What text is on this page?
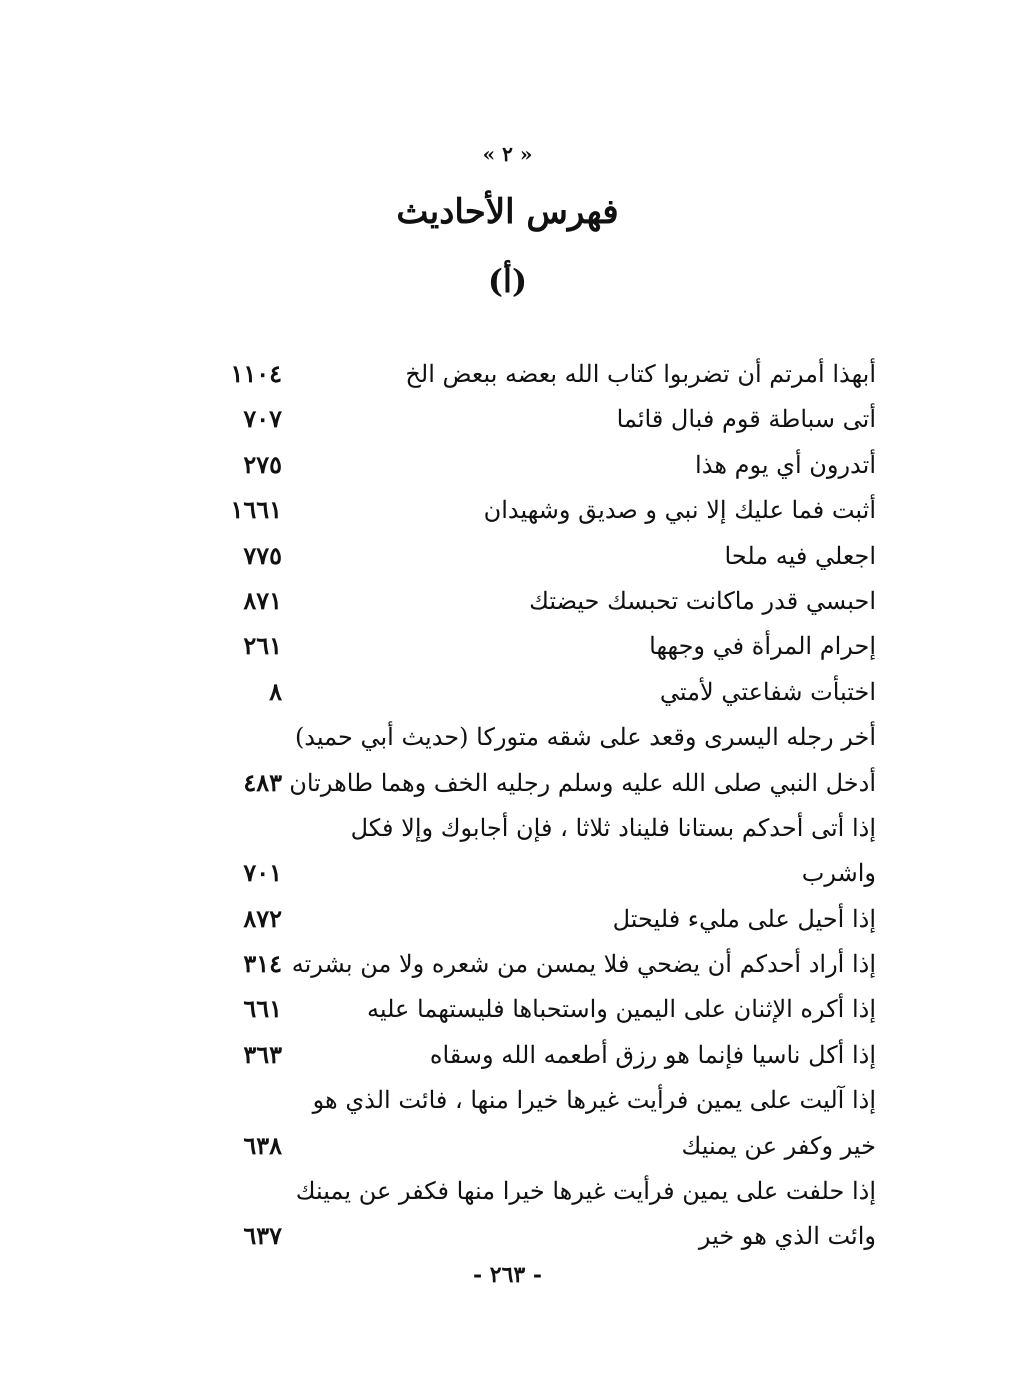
« ٢ »
فهرس الأحاديث
(أ)
أبهذا أمرتم أن تضربوا كتاب الله بعضه ببعض الخ
١١٠٤
أتى سباطة قوم فبال قائما
٧٠٧
أتدرون أي يوم هذا
٢٧٥
أثبت فما عليك إلا نبي و صديق وشهيدان
١٦٦١
اجعلي فيه ملحا
٧٧٥
احبسي قدر ماكانت تحبسك حيضتك
٨٧١
إحرام المرأة في وجهها
٢٦١
اختبأت شفاعتي لأمتي
٨
أخر رجله اليسرى وقعد على شقه متوركا (حديث أبي حميد)
أدخل النبي صلى الله عليه وسلم رجليه الخف وهما طاهرتان
٤٨٣
إذا أتى أحدكم بستانا فليناد ثلاثا ، فإن أجابوك وإلا فكل
واشرب
٧٠١
إذا أحيل على مليء فليحتل
٨٧٢
إذا أراد أحدكم أن يضحي فلا يمسن من شعره ولا من بشرته
٣١٤
إذا أكره الإثنان على اليمين واستحباها فليستهما عليه
٦٦١
إذا أكل ناسيا فإنما هو رزق أطعمه الله وسقاه
٣٦٣
إذا آليت على يمين فرأيت غيرها خيرا منها ، فائت الذي هو
خير وكفر عن يمنيك
٦٣٨
إذا حلفت على يمين فرأيت غيرها خيرا منها فكفر عن يمينك
وائت الذي هو خير
٦٣٧
- ٢٦٣ -
